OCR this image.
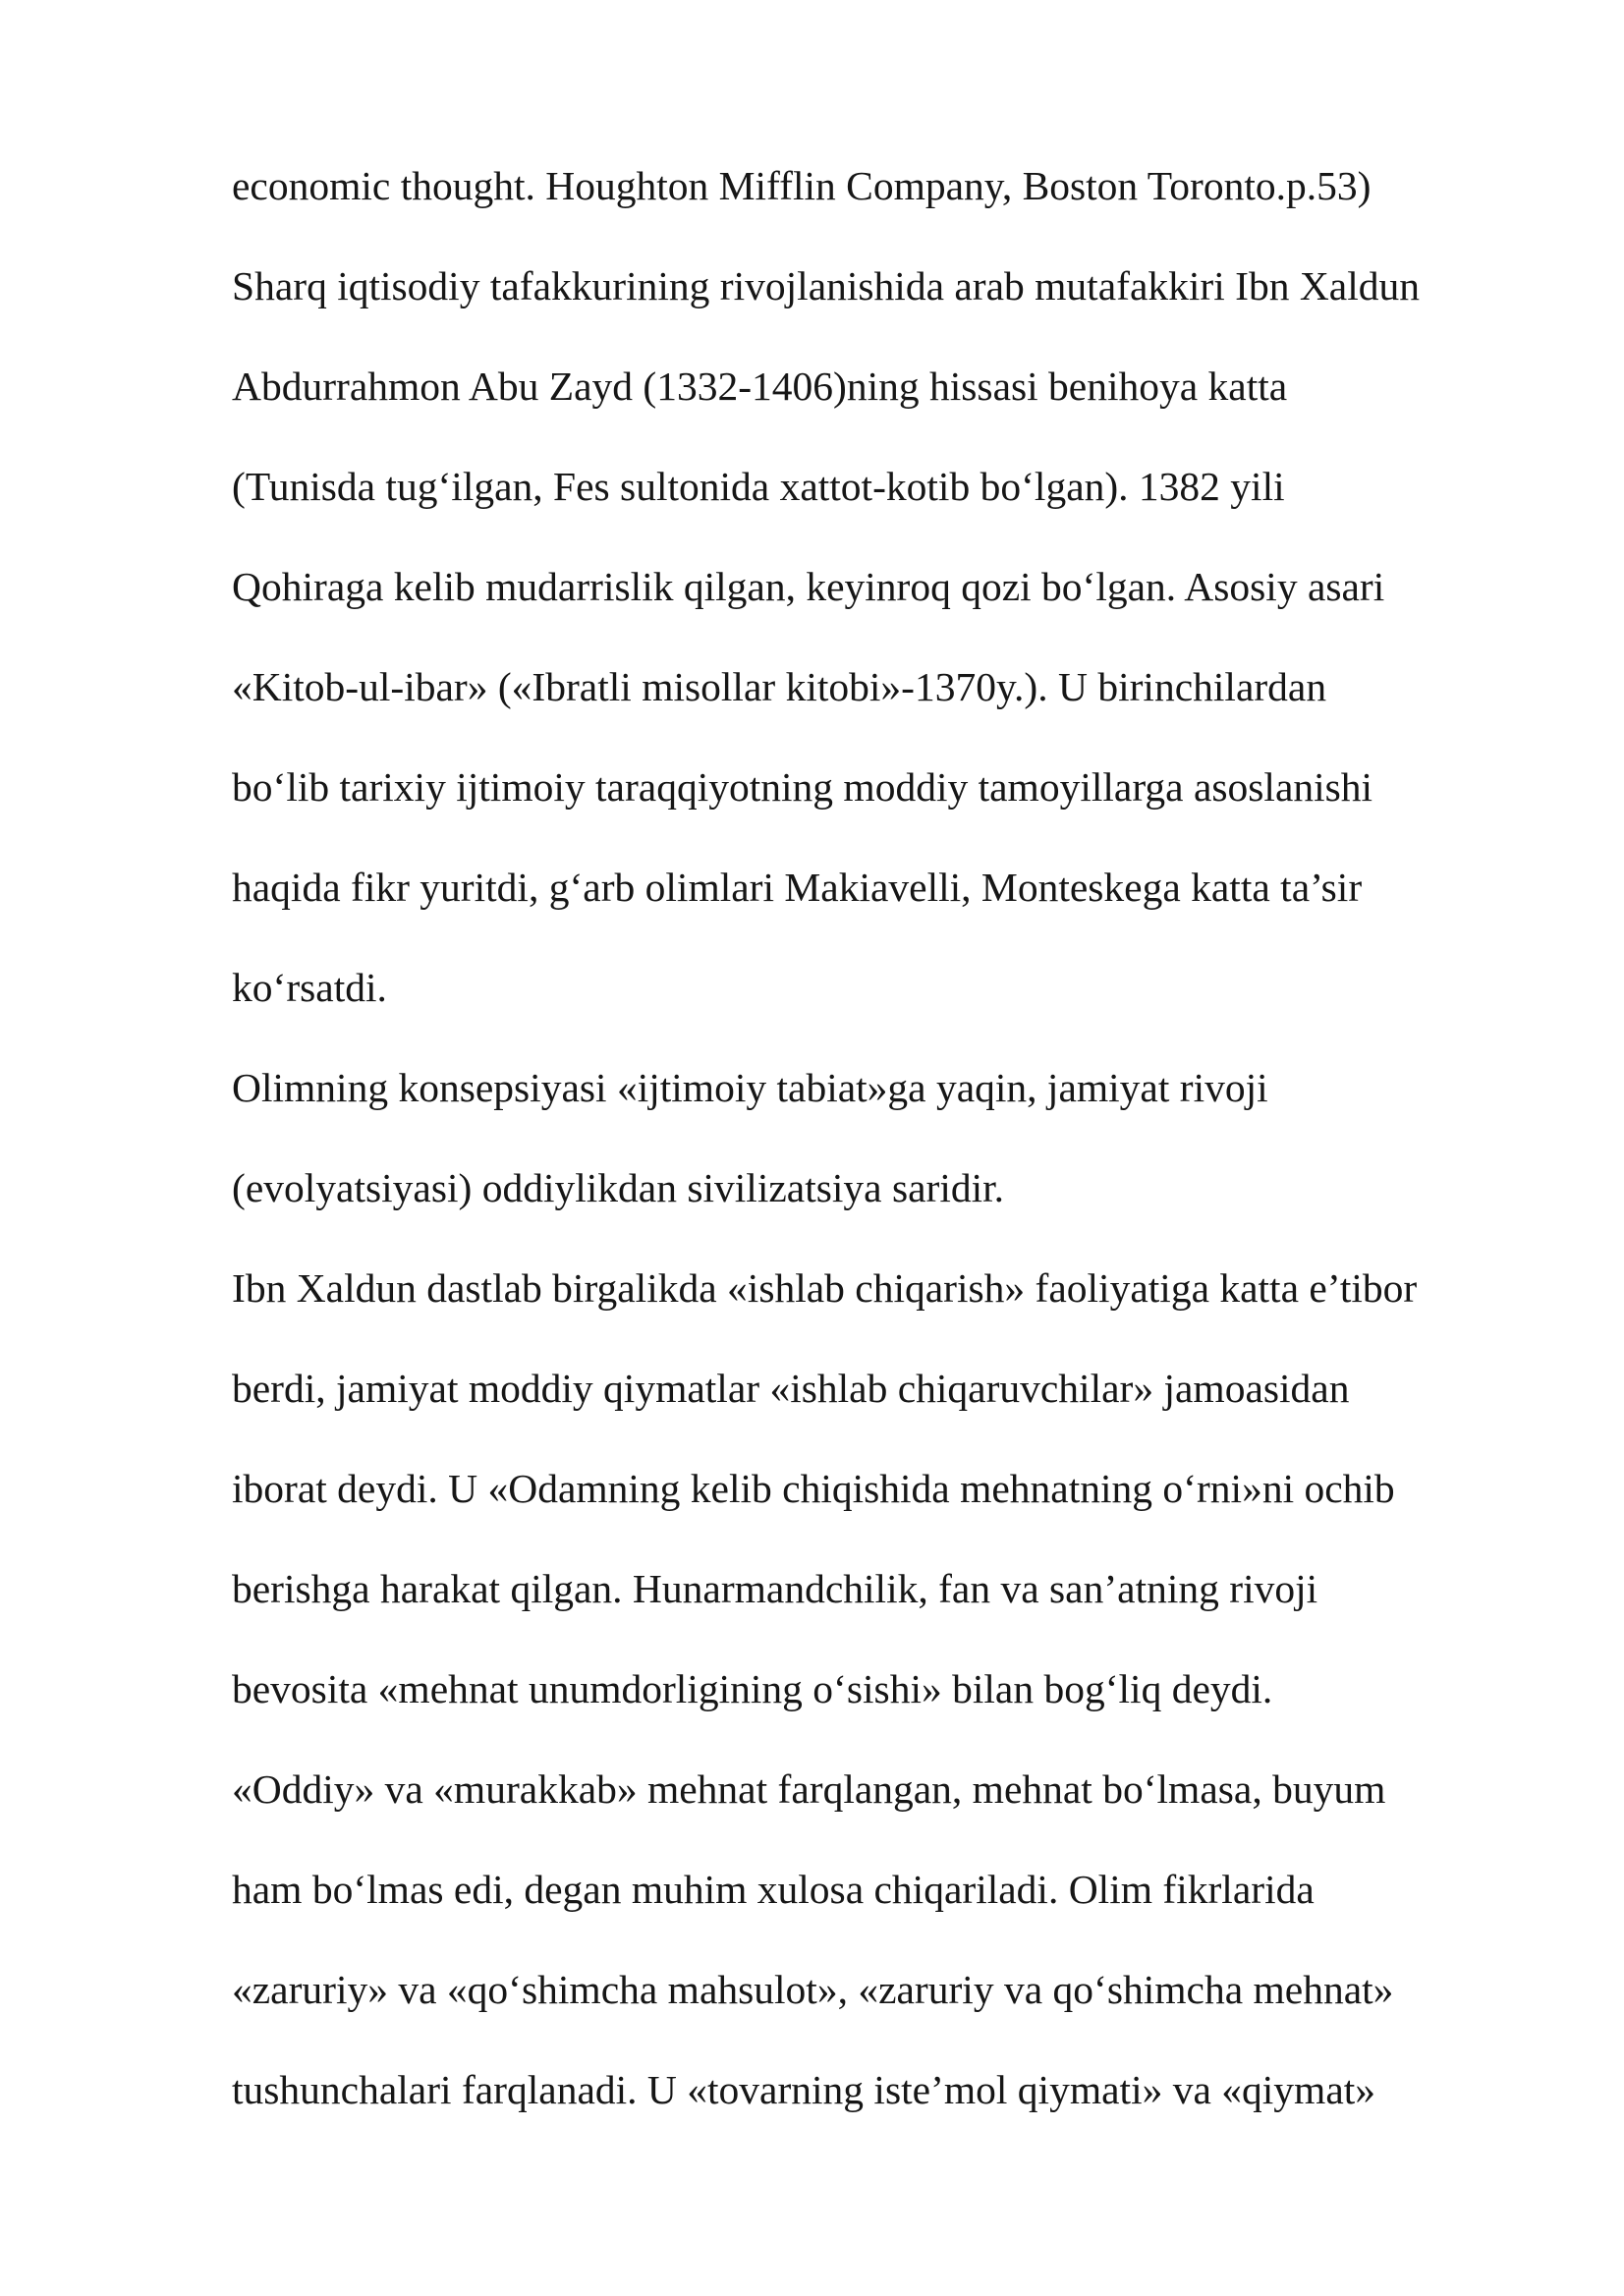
economic thought. Houghton Mifflin Company, Boston Toronto.p.53)
Sharq iqtisodiy tafakkurining rivojlanishida arab mutafakkiri Ibn Xaldun
Abdurrahmon Abu Zayd (1332-1406)ning hissasi benihoya katta
(Tunisda tug‘ilgan, Fes sultonida xattot-kotib bo‘lgan). 1382 yili
Qohiraga kelib mudarrislik qilgan, keyinroq qozi bo‘lgan. Asosiy asari
«Kitob-ul-ibar» («Ibratli misollar kitobi»-1370y.). U birinchilardan
bo‘lib tarixiy ijtimoiy taraqqiyotning moddiy tamoyillarga asoslanishi
haqida fikr yuritdi, g‘arb olimlari Makiavelli, Monteskega katta ta’sir
ko‘rsatdi.
Olimning konsepsiyasi «ijtimoiy tabiat»ga yaqin, jamiyat rivoji
(evolyatsiyasi) oddiylikdan sivilizatsiya saridir.
Ibn Xaldun dastlab birgalikda «ishlab chiqarish» faoliyatiga katta e’tibor
berdi, jamiyat moddiy qiymatlar «ishlab chiqaruvchilar» jamoasidan
iborat deydi. U «Odamning kelib chiqishida mehnatning o‘rni»ni ochib
berishga harakat qilgan. Hunarmandchilik, fan va san’atning rivoji
bevosita «mehnat unumdorligining o‘sishi» bilan bog‘liq deydi.
«Oddiy» va «murakkab» mehnat farqlangan, mehnat bo‘lmasa, buyum
ham bo‘lmas edi, degan muhim xulosa chiqariladi. Olim fikrlarida
«zaruriy» va «qo‘shimcha mahsulot», «zaruriy va qo‘shimcha mehnat»
tushunchalari farqlanadi. U «tovarning iste’mol qiymati» va «qiymat»
